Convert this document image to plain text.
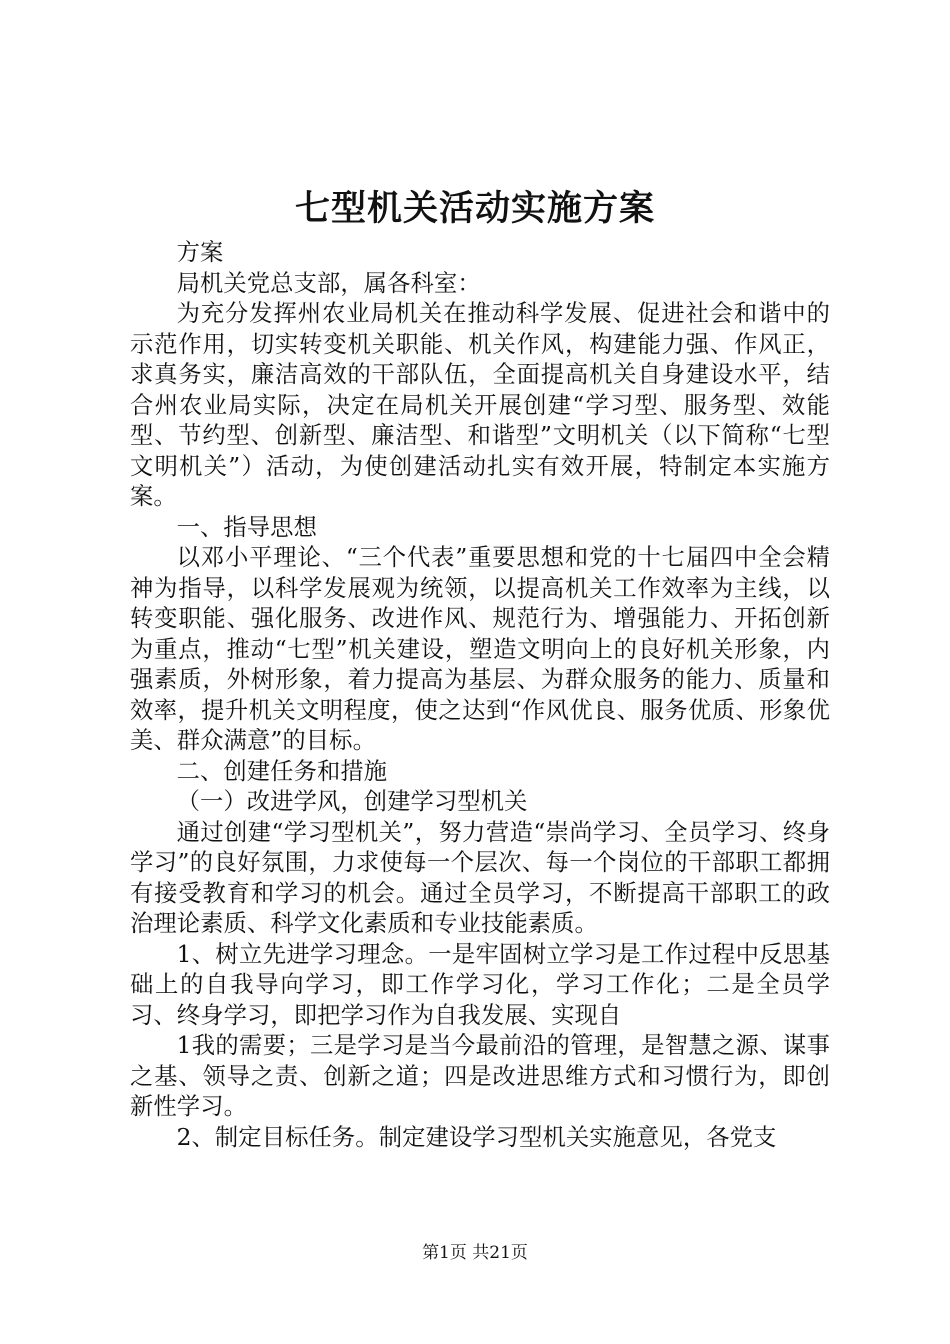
七型机关活动实施方案

方案

局机关党总支部，属各科室：

为充分发挥州农业局机关在推动科学发展、促进社会和谐中的示范作用，切实转变机关职能、机关作风，构建能力强、作风正，求真务实，廉洁高效的干部队伍，全面提高机关自身建设水平，结合州农业局实际，决定在局机关开展创建“学习型、服务型、效能型、节约型、创新型、廉洁型、和谐型”文明机关（以下简称“七型文明机关”）活动，为使创建活动扎实有效开展，特制定本实施方案。

一、指导思想

以邓小平理论、“三个代表”重要思想和党的十七届四中全会精神为指导，以科学发展观为统领，以提高机关工作效率为主线，以转变职能、强化服务、改进作风、规范行为、增强能力、开拓创新为重点，推动“七型”机关建设，塑造文明向上的良好机关形象，内强素质，外树形象，着力提高为基层、为群众服务的能力、质量和效率，提升机关文明程度，使之达到“作风优良、服务优质、形象优美、群众满意”的目标。

二、创建任务和措施

（一）改进学风，创建学习型机关

通过创建“学习型机关”，努力营造“崇尚学习、全员学习、终身学习”的良好氛围，力求使每一个层次、每一个岗位的干部职工都拥有接受教育和学习的机会。通过全员学习，不断提高干部职工的政治理论素质、科学文化素质和专业技能素质。

1、树立先进学习理念。一是牢固树立学习是工作过程中反思基础上的自我导向学习，即工作学习化，学习工作化；二是全员学习、终身学习，即把学习作为自我发展、实现自

1我的需要；三是学习是当今最前沿的管理，是智慧之源、谋事之基、领导之责、创新之道；四是改进思维方式和习惯行为，即创新性学习。

2、制定目标任务。制定建设学习型机关实施意见，各党支

第1页 共21页
